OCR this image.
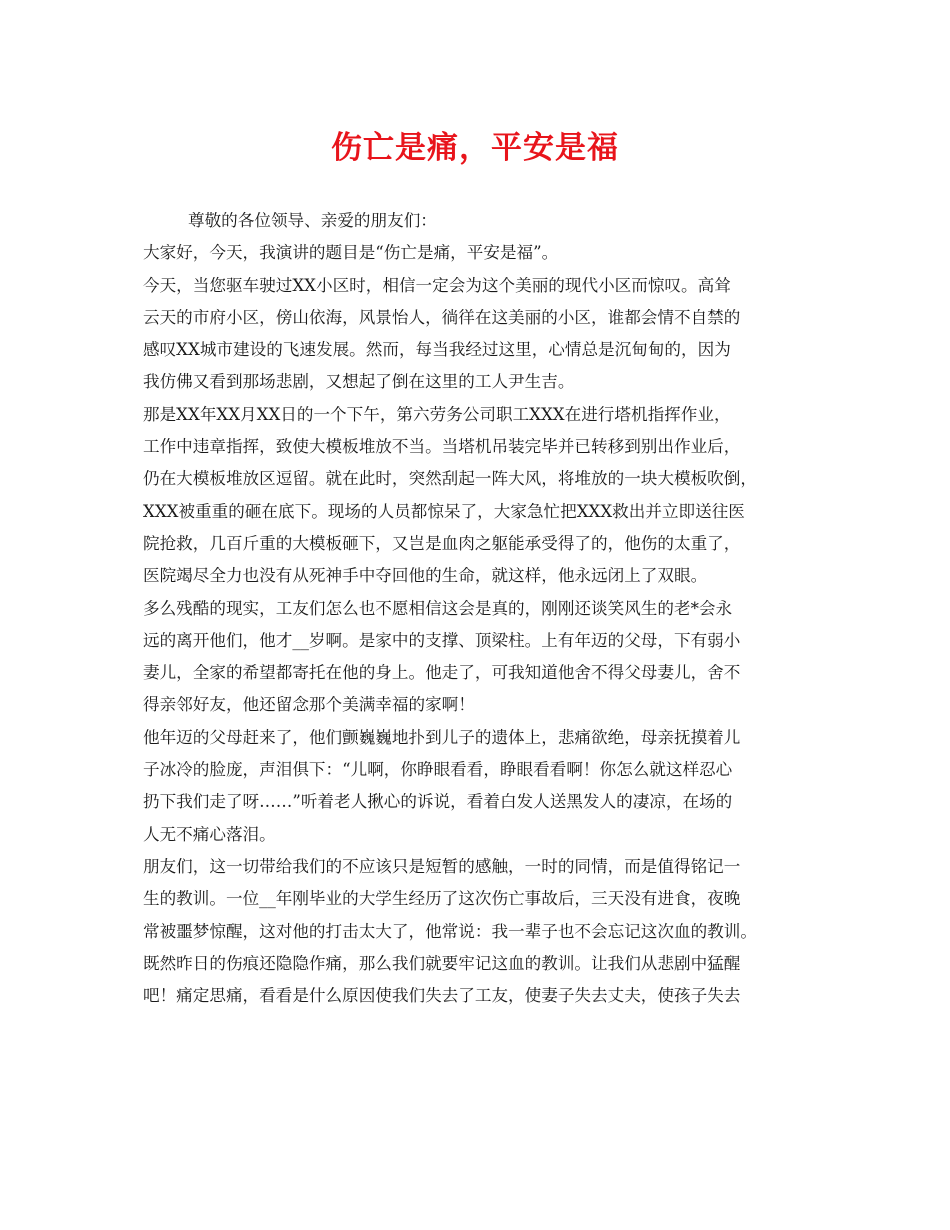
伤亡是痛，平安是福
尊敬的各位领导、亲爱的朋友们：
大家好，今天，我演讲的题目是“伤亡是痛，平安是福”。
今天，当您驱车驶过XX小区时，相信一定会为这个美丽的现代小区而惊叹。高耸
云天的市府小区，傍山依海，风景怡人，徜徉在这美丽的小区，谁都会情不自禁的
感叹XX城市建设的飞速发展。然而，每当我经过这里，心情总是沉甸甸的，因为
我仿佛又看到那场悲剧，又想起了倒在这里的工人尹生吉。
那是XX年XX月XX日的一个下午，第六劳务公司职工XXX在进行塔机指挥作业，
工作中违章指挥，致使大模板堆放不当。当塔机吊装完毕并已转移到别出作业后，
仍在大模板堆放区逗留。就在此时，突然刮起一阵大风，将堆放的一块大模板吹倒，
XXX被重重的砸在底下。现场的人员都惊呆了，大家急忙把XXX救出并立即送往医
院抢救，几百斤重的大模板砸下，又岂是血肉之躯能承受得了的，他伤的太重了，
医院竭尽全力也没有从死神手中夺回他的生命，就这样，他永远闭上了双眼。
多么残酷的现实，工友们怎么也不愿相信这会是真的，刚刚还谈笑风生的老*会永
远的离开他们，他才__岁啊。是家中的支撑、顶梁柱。上有年迈的父母，下有弱小
妻儿，全家的希望都寄托在他的身上。他走了，可我知道他舍不得父母妻儿，舍不
得亲邻好友，他还留念那个美满幸福的家啊！
他年迈的父母赶来了，他们颤巍巍地扑到儿子的遗体上，悲痛欲绝，母亲抚摸着儿
子冰冷的脸庞，声泪俱下：“儿啊，你睁眼看看，睁眼看看啊！你怎么就这样忍心
扔下我们走了呀……”听着老人揪心的诉说，看着白发人送黑发人的凄凉，在场的
人无不痛心落泪。
朋友们，这一切带给我们的不应该只是短暂的感触，一时的同情，而是值得铭记一
生的教训。一位__年刚毕业的大学生经历了这次伤亡事故后，三天没有进食，夜晚
常被噩梦惊醒，这对他的打击太大了，他常说：我一辈子也不会忘记这次血的教训。
既然昨日的伤痕还隐隐作痛，那么我们就要牢记这血的教训。让我们从悲剧中猛醒
吧！痛定思痛，看看是什么原因使我们失去了工友，使妻子失去丈夫，使孩子失去
